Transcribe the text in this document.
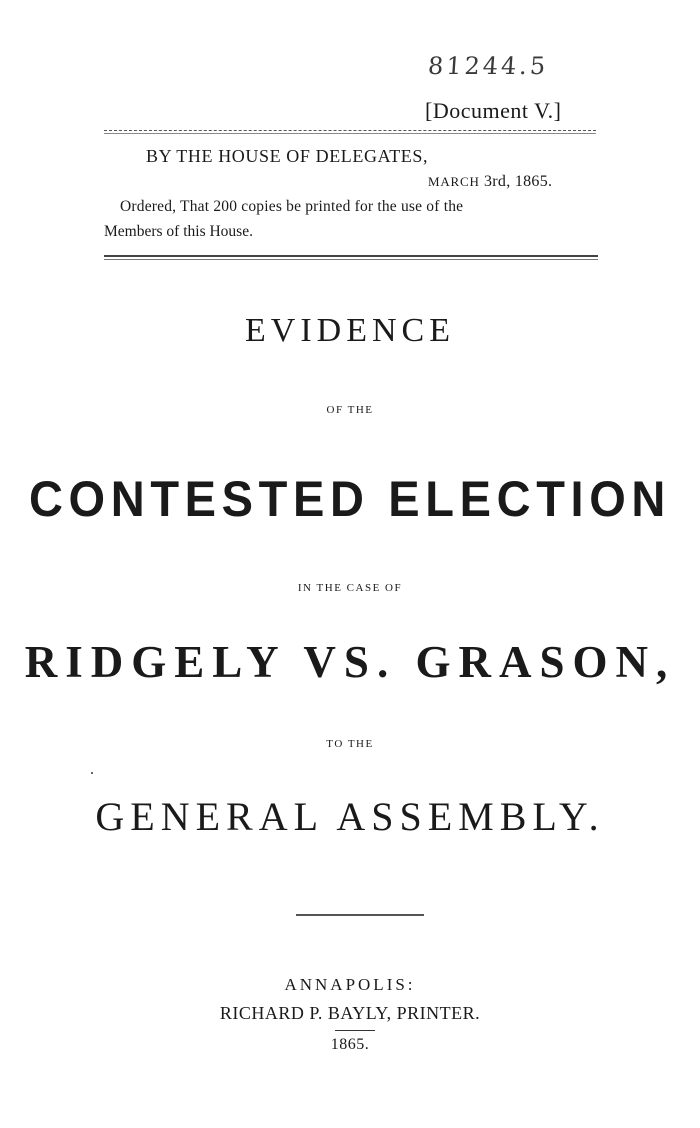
81244.5
[Document V.]
BY THE HOUSE OF DELEGATES,
MARCH 3rd, 1865.
Ordered, That 200 copies be printed for the use of the
Members of this House.
EVIDENCE
OF THE
CONTESTED ELECTION
IN THE CASE OF
RIDGELY VS. GRASON,
TO THE
GENERAL ASSEMBLY.
ANNAPOLIS:
RICHARD P. BAYLY, PRINTER.
1865.
